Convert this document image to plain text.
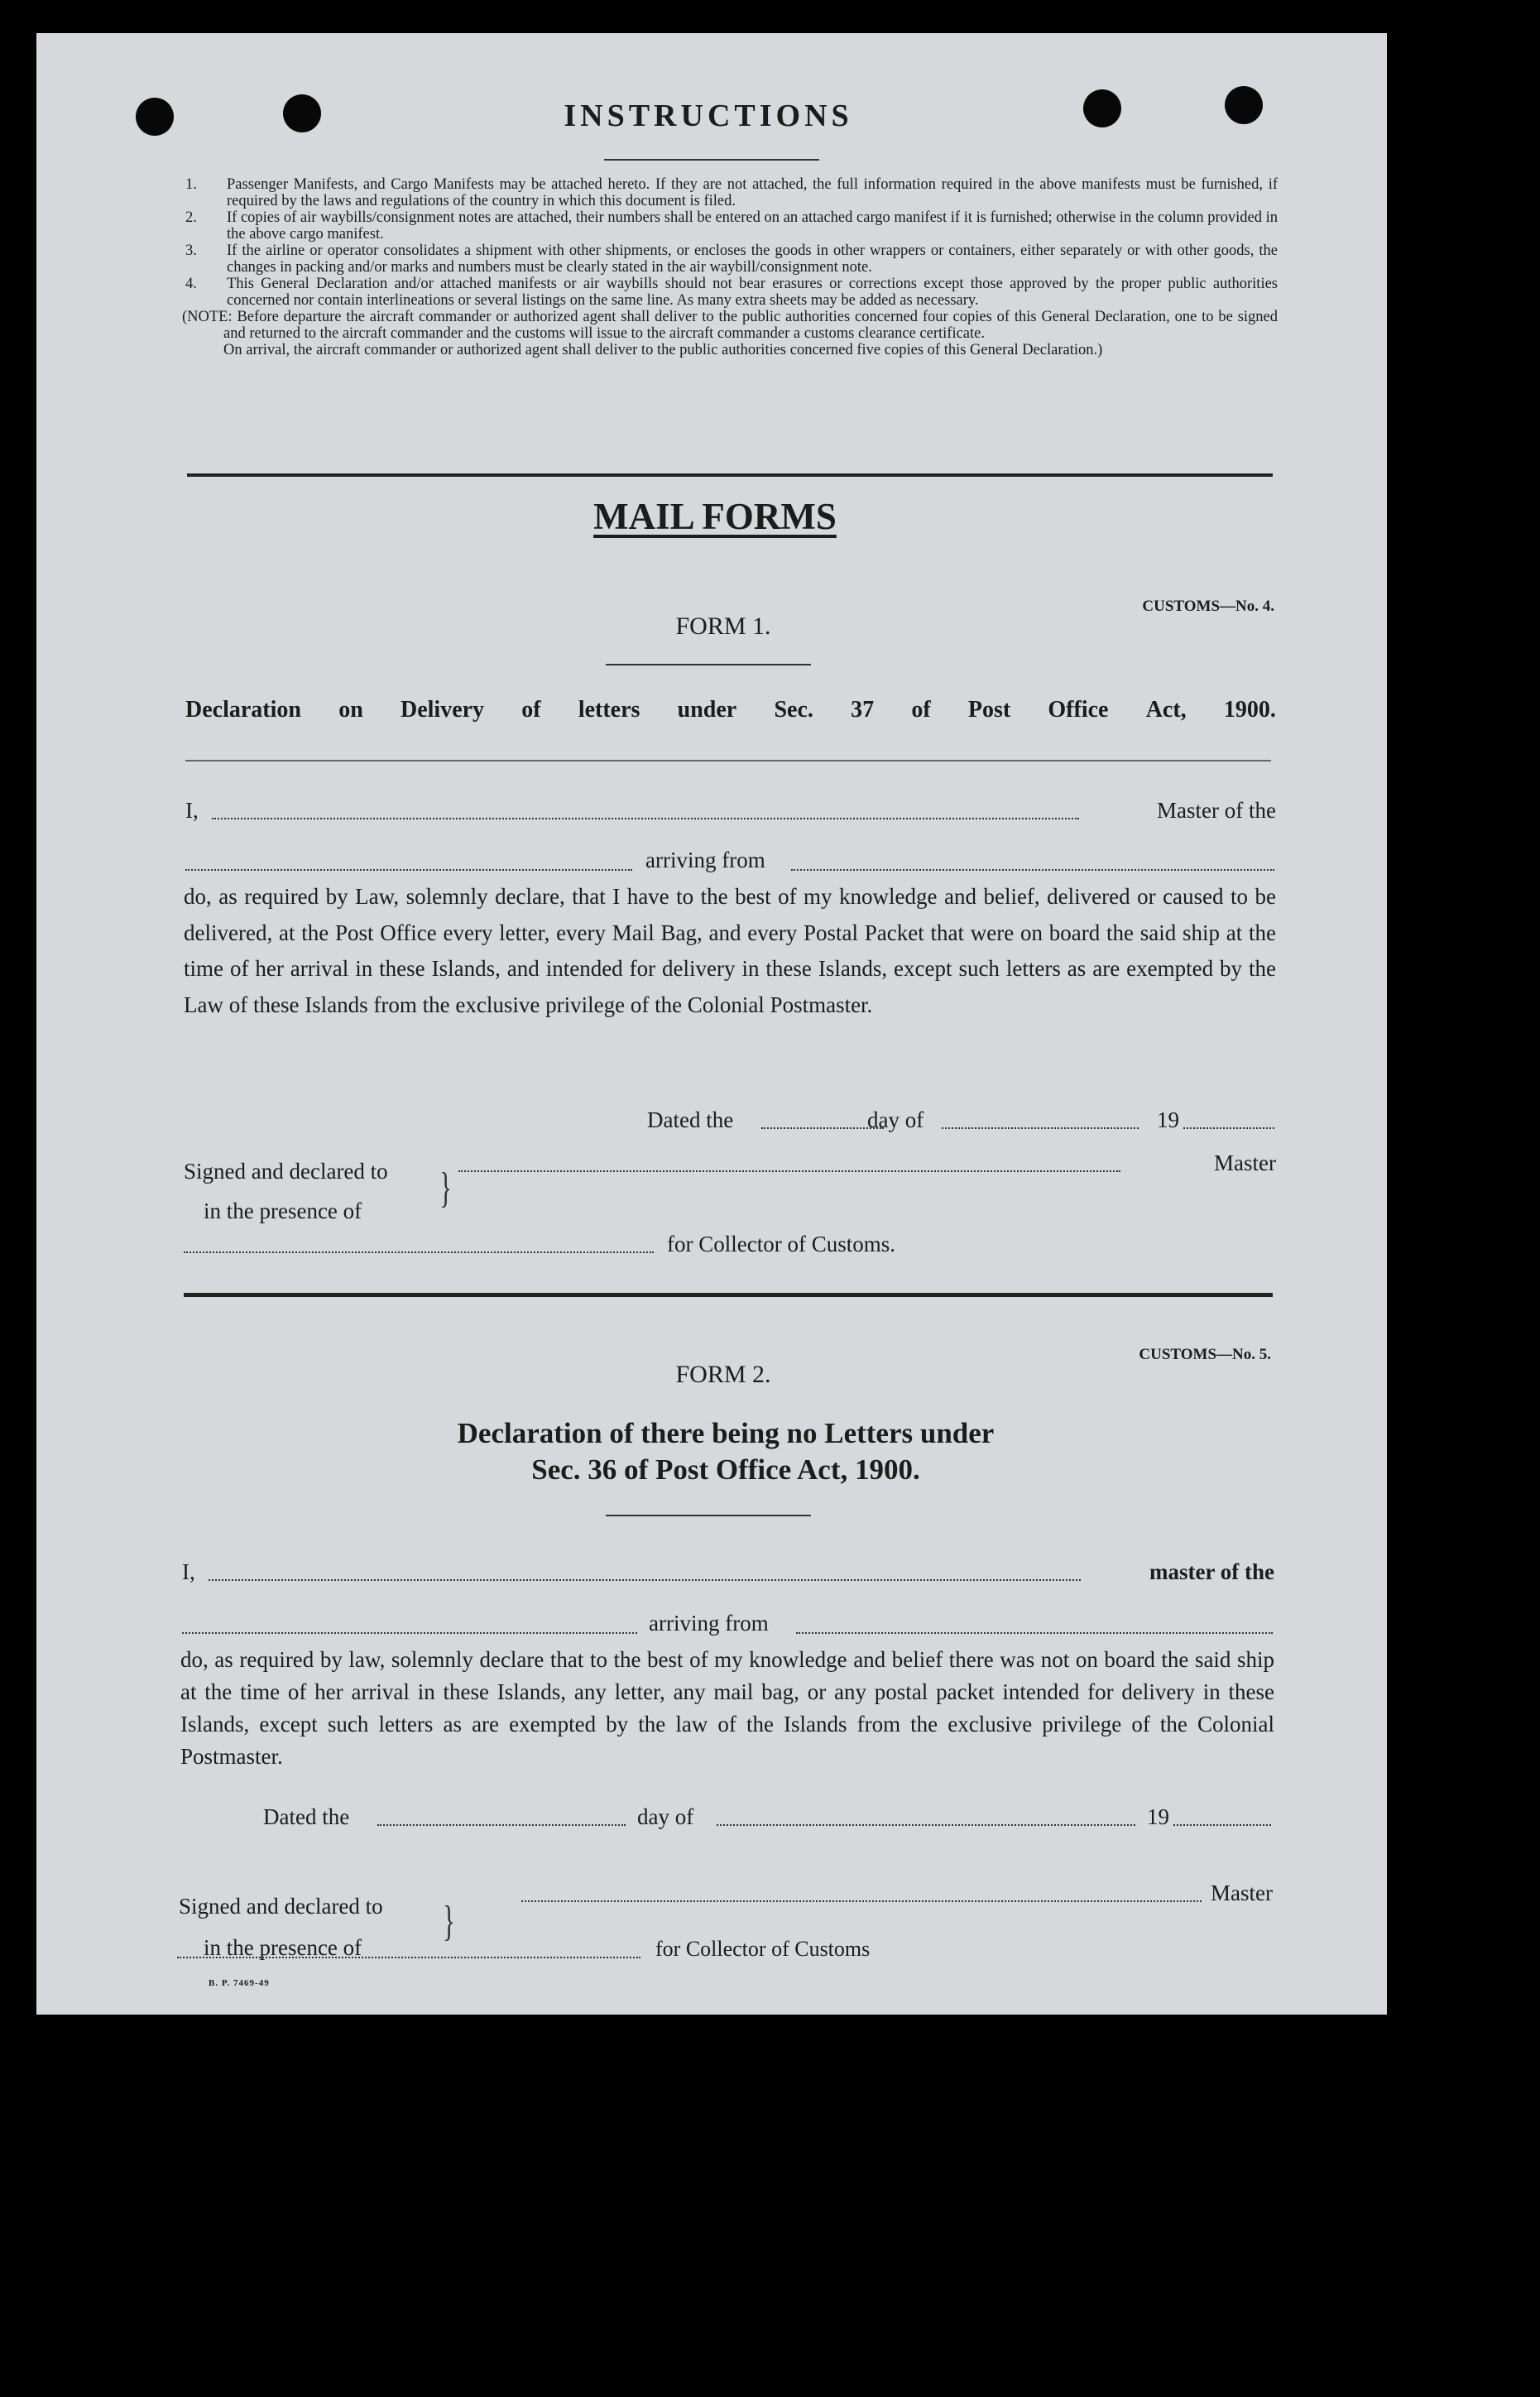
INSTRUCTIONS
1. Passenger Manifests, and Cargo Manifests may be attached hereto. If they are not attached, the full information required in the above manifests must be furnished, if required by the laws and regulations of the country in which this document is filed.
2. If copies of air waybills/consignment notes are attached, their numbers shall be entered on an attached cargo manifest if it is furnished; otherwise in the column provided in the above cargo manifest.
3. If the airline or operator consolidates a shipment with other shipments, or encloses the goods in other wrappers or containers, either separately or with other goods, the changes in packing and/or marks and numbers must be clearly stated in the air waybill/consignment note.
4. This General Declaration and/or attached manifests or air waybills should not bear erasures or corrections except those approved by the proper public authorities concerned nor contain interlineations or several listings on the same line. As many extra sheets may be added as necessary.

(NOTE: Before departure the aircraft commander or authorized agent shall deliver to the public authorities concerned four copies of this General Declaration, one to be signed and returned to the aircraft commander and the customs will issue to the aircraft commander a customs clearance certificate.

On arrival, the aircraft commander or authorized agent shall deliver to the public authorities concerned five copies of this General Declaration.)

MAIL FORMS
CUSTOMS—No. 4.
FORM 1.
Declaration on Delivery of letters under Sec. 37 of Post Office Act, 1900.
I,	Master of the
arriving from
do, as required by Law, solemnly declare, that I have to the best of my knowledge and belief, delivered or caused to be delivered, at the Post Office every letter, every Mail Bag, and every Postal Packet that were on board the said ship at the time of her arrival in these Islands, and intended for delivery in these Islands, except such letters as are exempted by the Law of these Islands from the exclusive privilege of the Colonial Postmaster.
Dated the	day of	19
Signed and declared to
in the presence of }
Master
for Collector of Customs.
CUSTOMS—No. 5.
FORM 2.
Declaration of there being no Letters under
Sec. 36 of Post Office Act, 1900.
I,	master of the
arriving from
do, as required by law, solemnly declare that to the best of my knowledge and belief there was not on board the said ship at the time of her arrival in these Islands, any letter, any mail bag, or any postal packet intended for delivery in these Islands, except such letters as are exempted by the law of the Islands from the exclusive privilege of the Colonial Postmaster.
Dated the	day of	19
Signed and declared to
in the presence of
}
Master
for Collector of Customs
B. P. 7469-49
